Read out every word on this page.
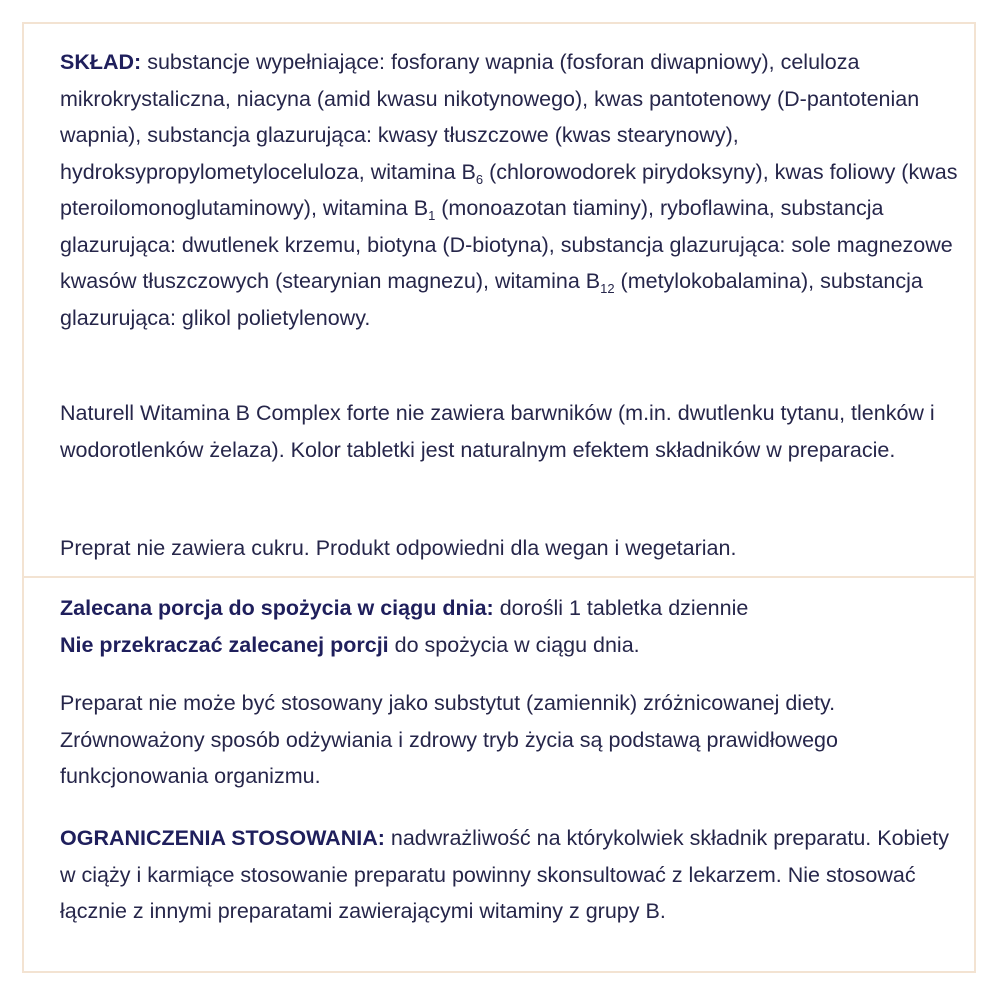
SKŁAD: substancje wypełniające: fosforany wapnia (fosforan diwapniowy), celuloza mikrokrystaliczna, niacyna (amid kwasu nikotynowego), kwas pantotenowy (D-pantotenian wapnia), substancja glazurująca: kwasy tłuszczowe (kwas stearynowy), hydroksypropylometyloceluloza, witamina $B_6$ (chlorowodorek pirydoksyny), kwas foliowy (kwas pteroilomonoglutaminowy), witamina $B_1$ (monoazotan tiaminy), ryboflawina, substancja glazurująca: dwutlenek krzemu, biotyna (D-biotyna), substancja glazurująca: sole magnezowe kwasów tłuszczowych (stearynian magnezu), witamina $B_{12}$ (metylokobalamina), substancja glazurująca: glikol polietylenowy.

Naturell Witamina B Complex forte nie zawiera barwników (m.in. dwutlenku tytanu, tlenków i wodorotlenków żelaza). Kolor tabletki jest naturalnym efektem składników w preparacie.

Preprat nie zawiera cukru. Produkt odpowiedni dla wegan i wegetarian.

Zalecana porcja do spożycia w ciągu dnia: dorośli 1 tabletka dziennie
Nie przekraczać zalecanej porcji do spożycia w ciągu dnia.

Preparat nie może być stosowany jako substytut (zamiennik) zróżnicowanej diety. Zrównoważony sposób odżywiania i zdrowy tryb życia są podstawą prawidłowego funkcjonowania organizmu.

OGRANICZENIA STOSOWANIA: nadwrażliwość na którykolwiek składnik preparatu. Kobiety w ciąży i karmiące stosowanie preparatu powinny skonsultować z lekarzem. Nie stosować łącznie z innymi preparatami zawierającymi witaminy z grupy B.
